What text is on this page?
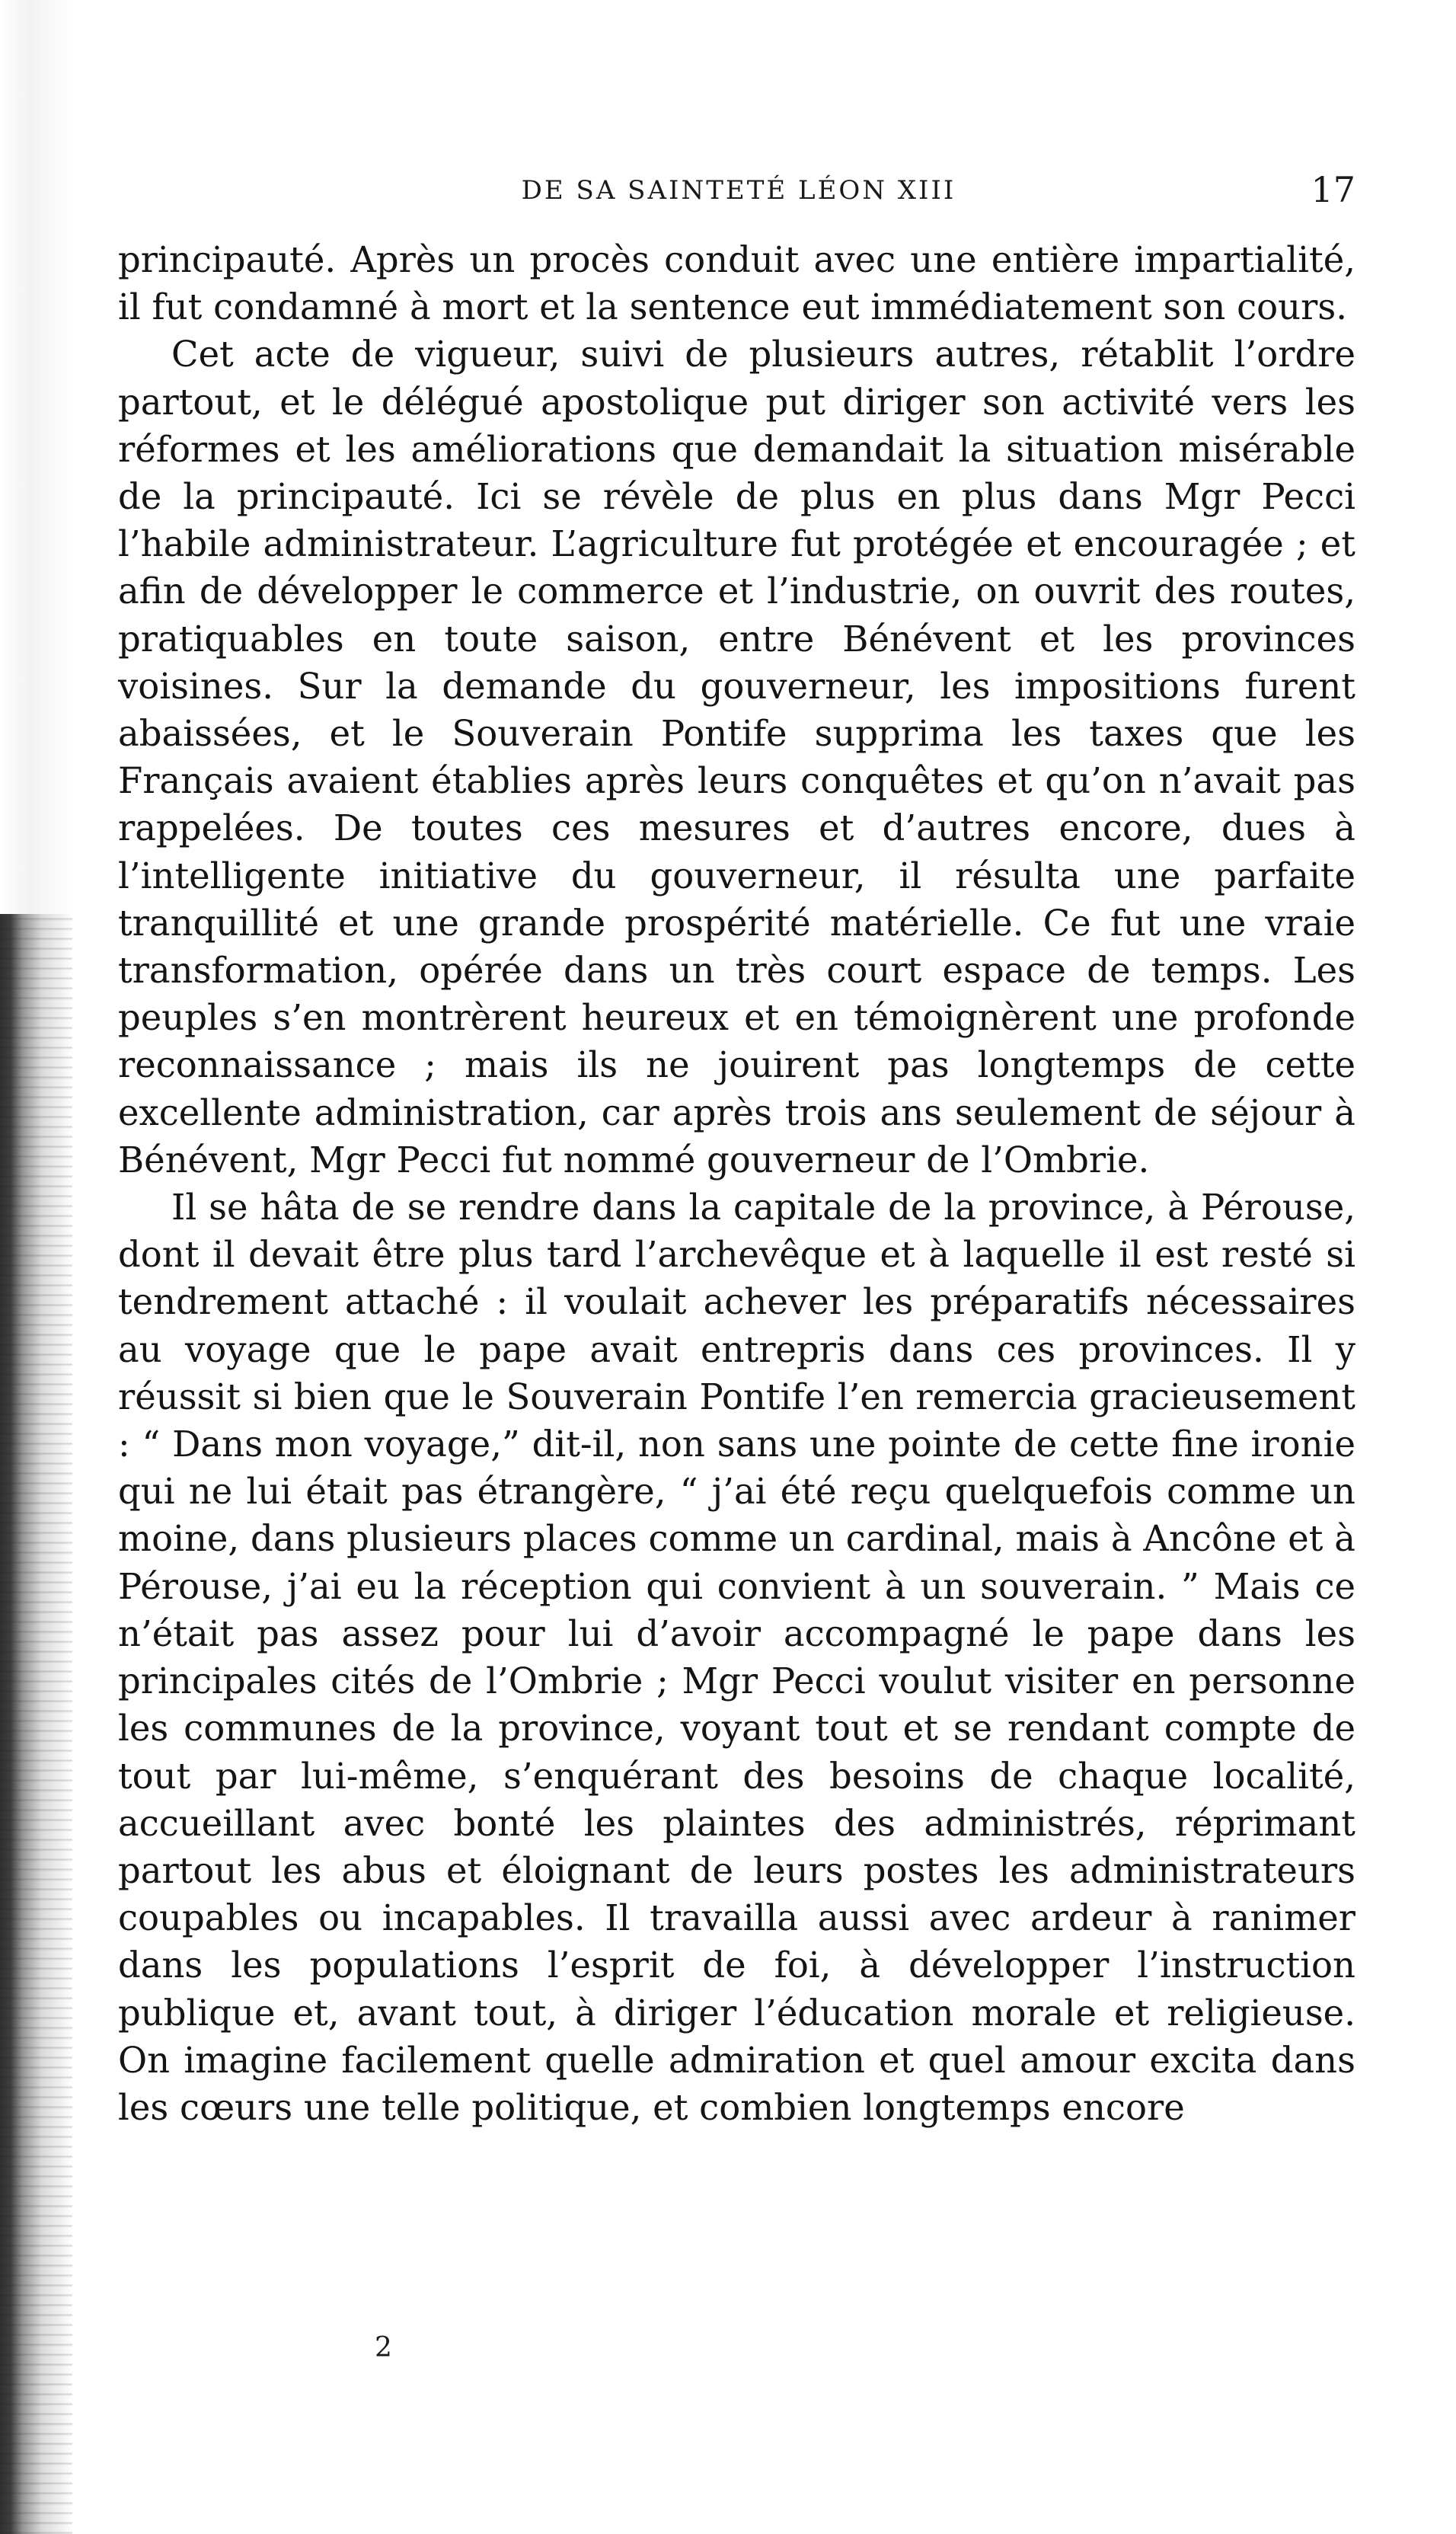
DE SA SAINTETÉ LÉON XIII	17

principauté. Après un procès conduit avec une entière impartialité, il fut condamné à mort et la sentence eut immédiatement son cours.

Cet acte de vigueur, suivi de plusieurs autres, rétablit l’ordre partout, et le délégué apostolique put diriger son activité vers les réformes et les améliorations que demandait la situation misérable de la principauté. Ici se révèle de plus en plus dans Mgr Pecci l’habile administrateur. L’agriculture fut protégée et encouragée ; et afin de développer le commerce et l’industrie, on ouvrit des routes, pratiquables en toute saison, entre Bénévent et les provinces voisines. Sur la demande du gouverneur, les impositions furent abaissées, et le Souverain Pontife supprima les taxes que les Français avaient établies après leurs conquêtes et qu’on n’avait pas rappelées. De toutes ces mesures et d’autres encore, dues à l’intelligente initiative du gouverneur, il résulta une parfaite tranquillité et une grande prospérité matérielle. Ce fut une vraie transformation, opérée dans un très court espace de temps. Les peuples s’en montrèrent heureux et en témoignèrent une profonde reconnaissance ; mais ils ne jouirent pas longtemps de cette excellente administration, car après trois ans seulement de séjour à Bénévent, Mgr Pecci fut nommé gouverneur de l’Ombrie.

Il se hâta de se rendre dans la capitale de la province, à Pérouse, dont il devait être plus tard l’archevêque et à laquelle il est resté si tendrement attaché : il voulait achever les préparatifs nécessaires au voyage que le pape avait entrepris dans ces provinces. Il y réussit si bien que le Souverain Pontife l’en remercia gracieusement : “ Dans mon voyage,” dit-il, non sans une pointe de cette fine ironie qui ne lui était pas étrangère, “ j’ai été reçu quelquefois comme un moine, dans plusieurs places comme un cardinal, mais à Ancône et à Pérouse, j’ai eu la réception qui convient à un souverain. ” Mais ce n’était pas assez pour lui d’avoir accompagné le pape dans les principales cités de l’Ombrie ; Mgr Pecci voulut visiter en personne les communes de la province, voyant tout et se rendant compte de tout par lui-même, s’enquérant des besoins de chaque localité, accueillant avec bonté les plaintes des administrés, réprimant partout les abus et éloignant de leurs postes les administrateurs coupables ou incapables. Il travailla aussi avec ardeur à ranimer dans les populations l’esprit de foi, à développer l’instruction publique et, avant tout, à diriger l’éducation morale et religieuse. On imagine facilement quelle admiration et quel amour excita dans les cœurs une telle politique, et combien longtemps encore

2
